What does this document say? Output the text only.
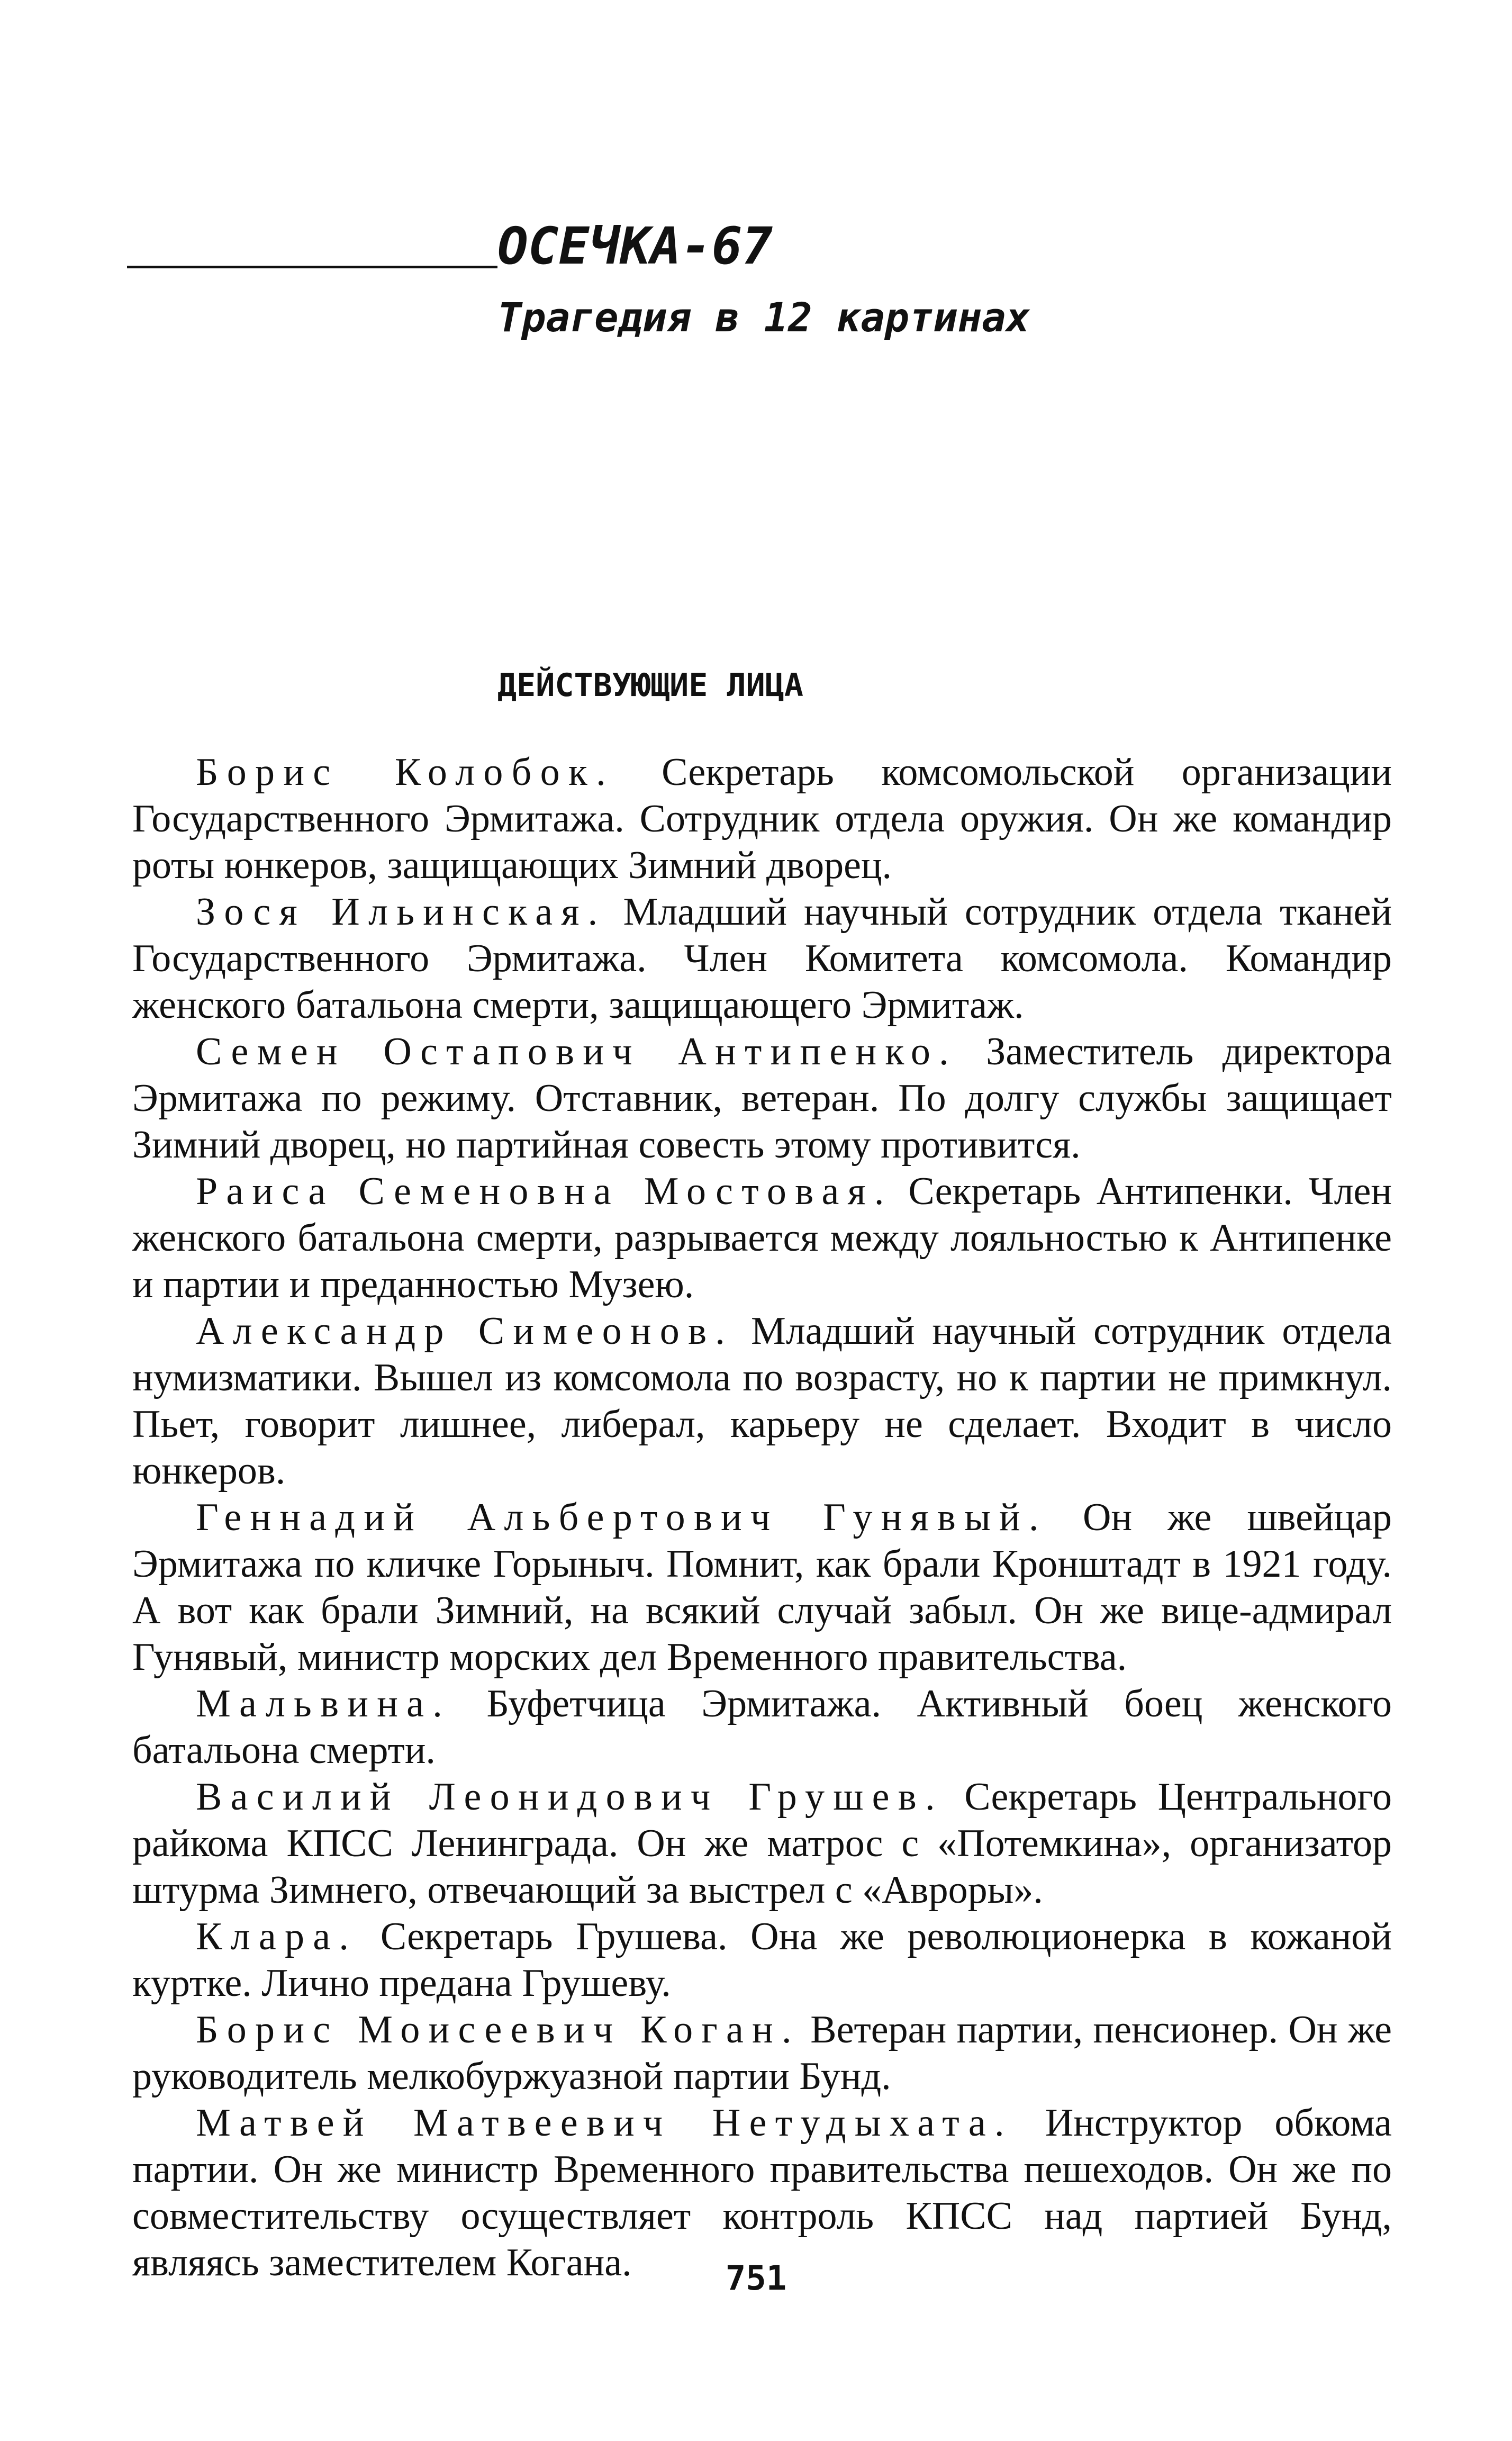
ОСЕЧКА-67
Трагедия в 12 картинах
ДЕЙСТВУЮЩИЕ ЛИЦА

Борис Колобок. Секретарь комсомольской организации Государственного Эрмитажа. Сотрудник отдела оружия. Он же командир роты юнкеров, защищающих Зимний дворец.

Зося Ильинская. Младший научный сотрудник отдела тканей Государственного Эрмитажа. Член Комитета комсомола. Командир женского батальона смерти, защищающего Эрмитаж.

Семен Остапович Антипенко. Заместитель директора Эрмитажа по режиму. Отставник, ветеран. По долгу службы защищает Зимний дворец, но партийная совесть этому противится.

Раиса Семеновна Мостовая. Секретарь Антипенки. Член женского батальона смерти, разрывается между лояльностью к Антипенке и партии и преданностью Музею.

Александр Симеонов. Младший научный сотрудник отдела нумизматики. Вышел из комсомола по возрасту, но к партии не примкнул. Пьет, говорит лишнее, либерал, карьеру не сделает. Входит в число юнкеров.

Геннадий Альбертович Гунявый. Он же швейцар Эрмитажа по кличке Горыныч. Помнит, как брали Кронштадт в 1921 году. А вот как брали Зимний, на всякий случай забыл. Он же вице-адмирал Гунявый, министр морских дел Временного правительства.

Мальвина. Буфетчица Эрмитажа. Активный боец женского батальона смерти.

Василий Леонидович Грушев. Секретарь Центрального райкома КПСС Ленинграда. Он же матрос с «Потемкина», организатор штурма Зимнего, отвечающий за выстрел с «Авроры».

Клара. Секретарь Грушева. Она же революционерка в кожаной куртке. Лично предана Грушеву.

Борис Моисеевич Коган. Ветеран партии, пенсионер. Он же руководитель мелкобуржуазной партии Бунд.

Матвей Матвеевич Нетудыхата. Инструктор обкома партии. Он же министр Временного правительства пешеходов. Он же по совместительству осуществляет контроль КПСС над партией Бунд, являясь заместителем Когана.	751
